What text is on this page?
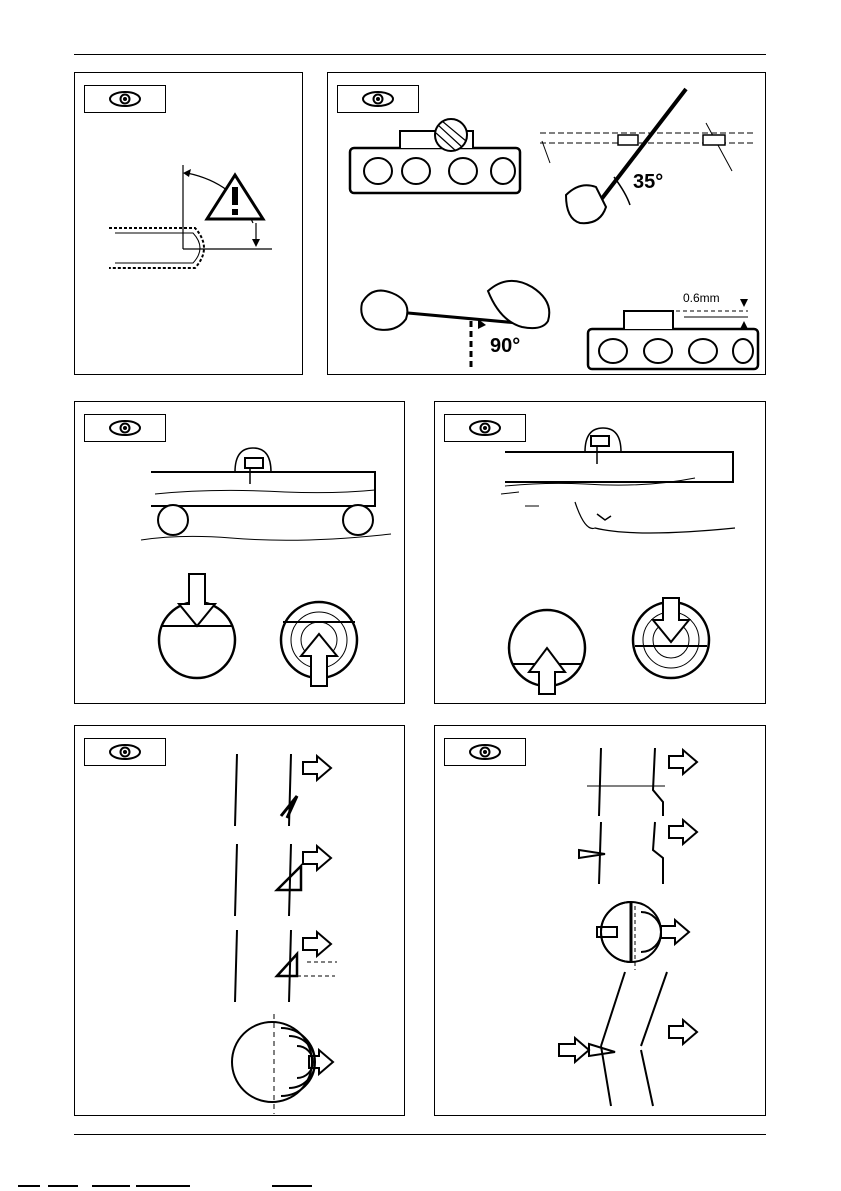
35°
90°
0.6mm
